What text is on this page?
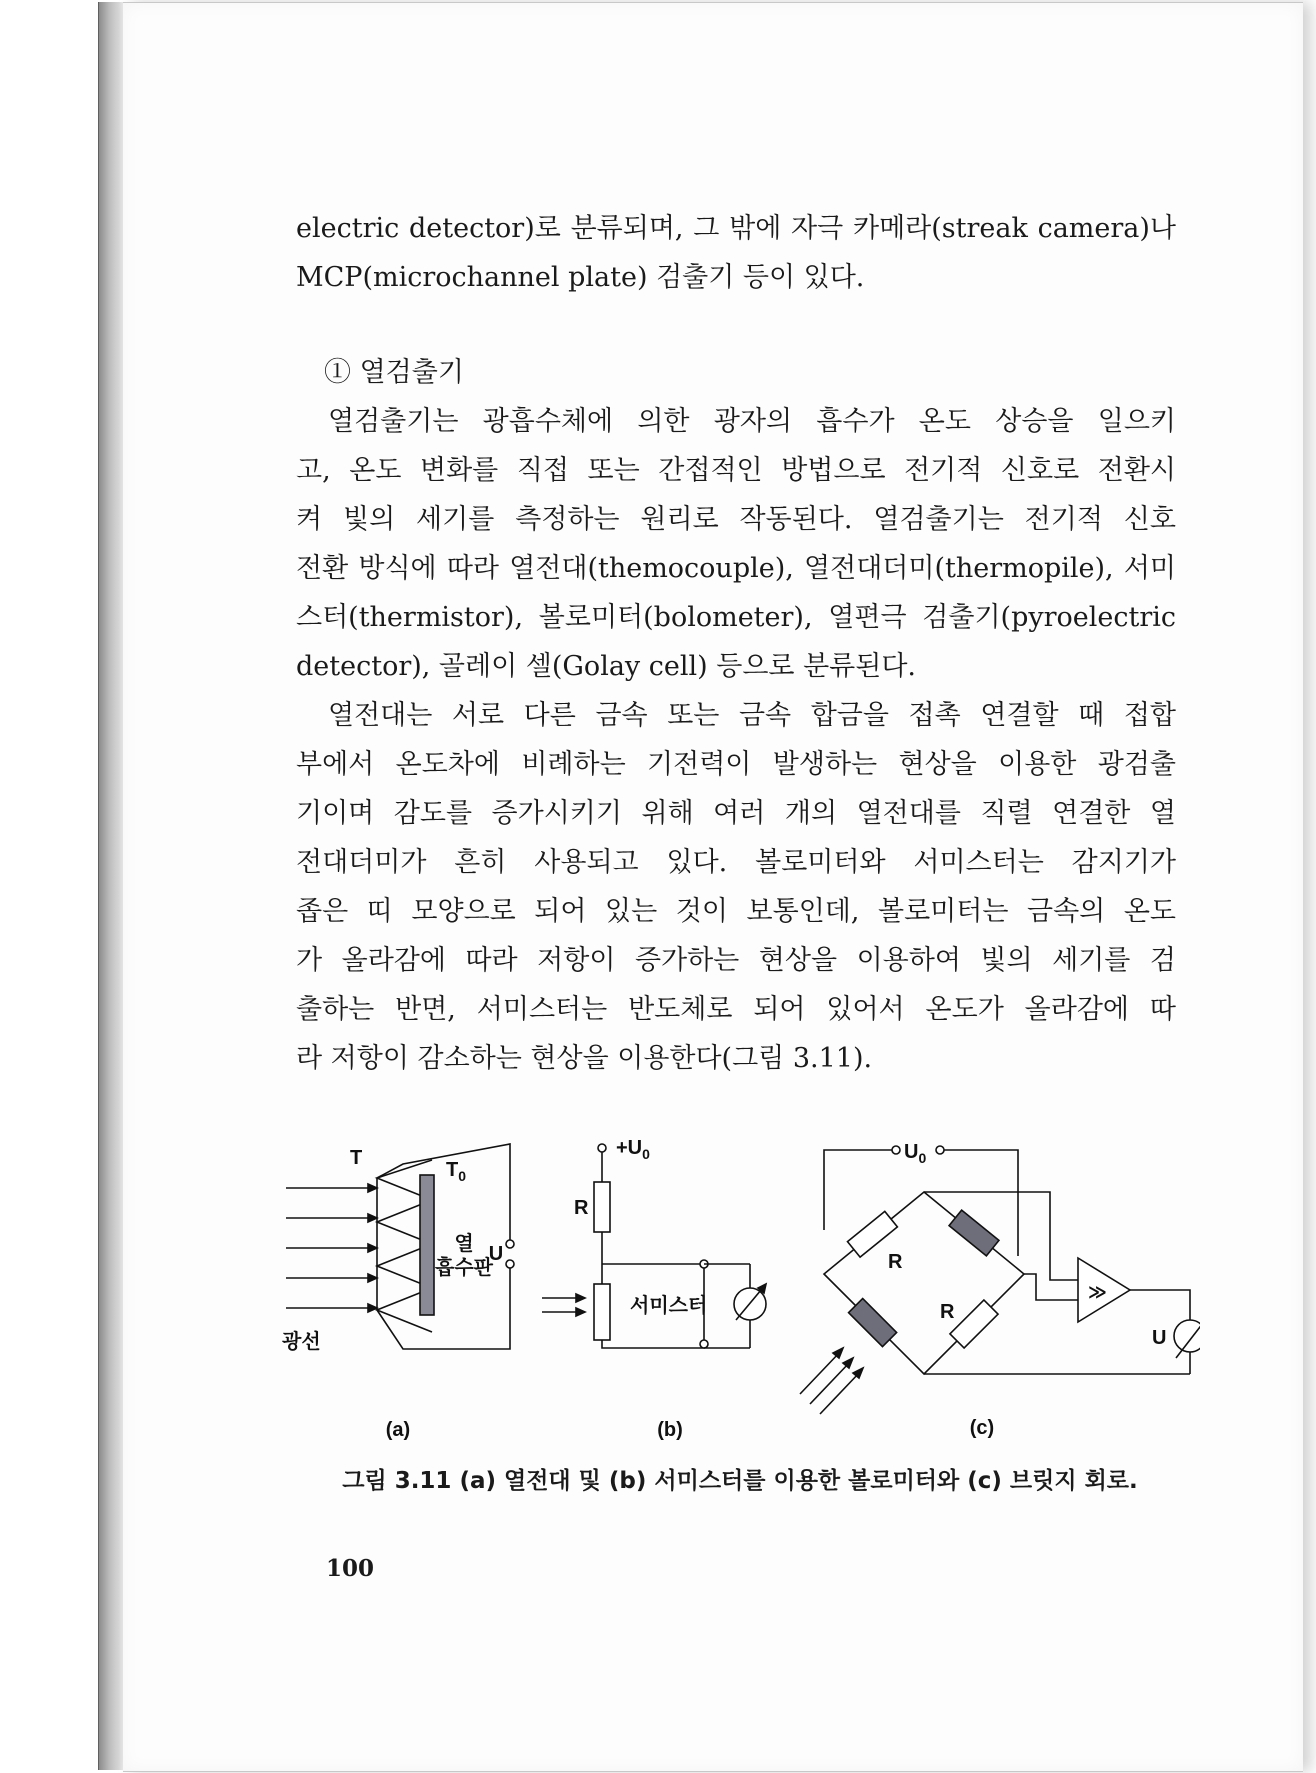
electric detector)로 분류되며, 그 밖에 자극 카메라(streak camera)나
MCP(microchannel plate) 검출기 등이 있다.
① 열검출기
열검출기는 광흡수체에 의한 광자의 흡수가 온도 상승을 일으키
고, 온도 변화를 직접 또는 간접적인 방법으로 전기적 신호로 전환시
켜 빛의 세기를 측정하는 원리로 작동된다. 열검출기는 전기적 신호
전환 방식에 따라 열전대(themocouple), 열전대더미(thermopile), 서미
스터(thermistor), 볼로미터(bolometer), 열편극 검출기(pyroelectric
detector), 골레이 셀(Golay cell) 등으로 분류된다.
열전대는 서로 다른 금속 또는 금속 합금을 접촉 연결할 때 접합
부에서 온도차에 비례하는 기전력이 발생하는 현상을 이용한 광검출
기이며 감도를 증가시키기 위해 여러 개의 열전대를 직렬 연결한 열
전대더미가 흔히 사용되고 있다. 볼로미터와 서미스터는 감지기가
좁은 띠 모양으로 되어 있는 것이 보통인데, 볼로미터는 금속의 온도
가 올라감에 따라 저항이 증가하는 현상을 이용하여 빛의 세기를 검
출하는 반면, 서미스터는 반도체로 되어 있어서 온도가 올라감에 따
라 저항이 감소하는 현상을 이용한다(그림 3.11).
T
$T_0$
열
흡수판
U
광선
(a)
$+U_0$
R
서미스터
(b)
$U_0$
R
R
≫
U
(c)
그림 3.11 (a) 열전대 및 (b) 서미스터를 이용한 볼로미터와 (c) 브릿지 회로.
100
